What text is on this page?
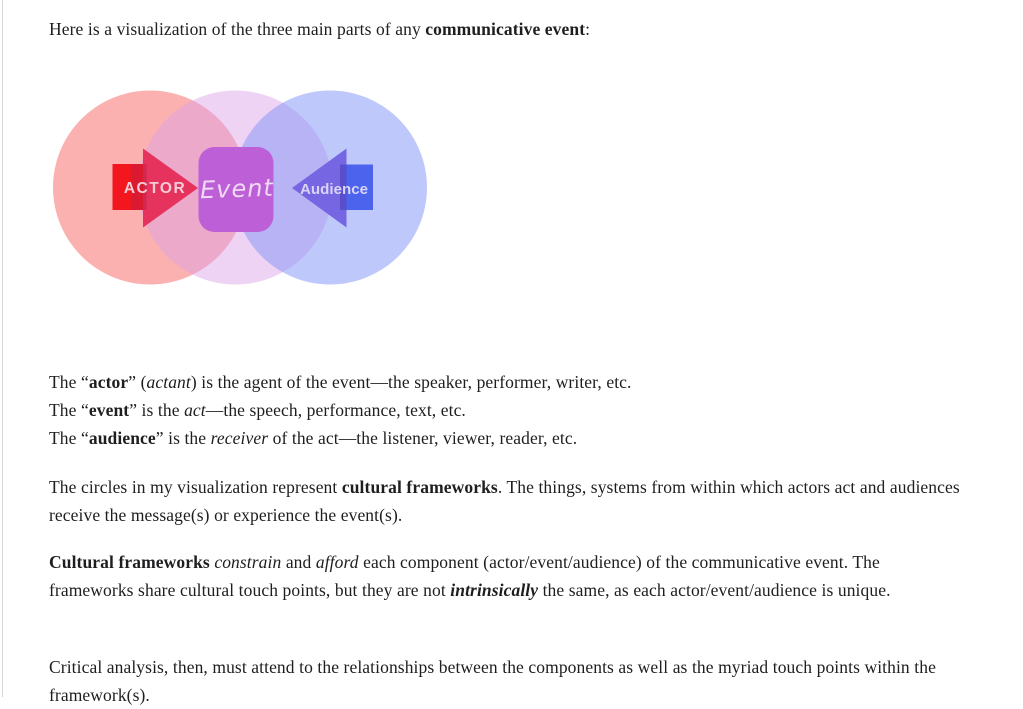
Here is a visualization of the three main parts of any communicative event:

ACTOR Event Audience

The “actor” (actant) is the agent of the event—the speaker, performer, writer, etc.
The “event” is the act—the speech, performance, text, etc.
The “audience” is the receiver of the act—the listener, viewer, reader, etc.

The circles in my visualization represent cultural frameworks. The things, systems from within which actors act and audiences receive the message(s) or experience the event(s).

Cultural frameworks constrain and afford each component (actor/event/audience) of the communicative event. The frameworks share cultural touch points, but they are not intrinsically the same, as each actor/event/audience is unique.

Critical analysis, then, must attend to the relationships between the components as well as the myriad touch points within the framework(s).
